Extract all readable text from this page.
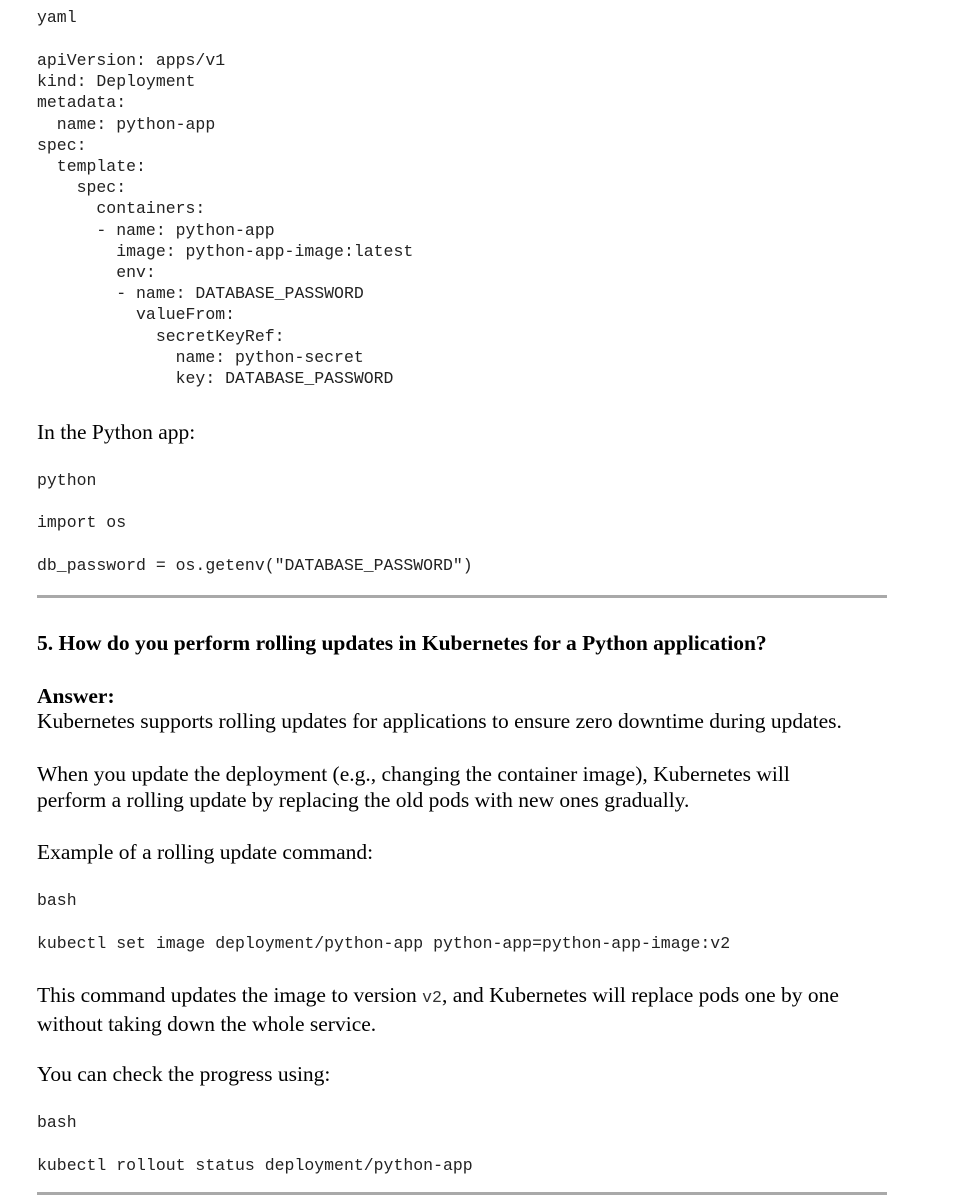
yaml

apiVersion: apps/v1

kind: Deployment

metadata:

name: python-app

spec:

template:

spec:

containers:

- name: python-app

image: python-app-image:latest

env:

- name: DATABASE_PASSWORD

valueFrom:

secretKeyRef:

name: python-secret

key: DATABASE_PASSWORD

In the Python app:

python

import os

db_password = os.getenv("DATABASE_PASSWORD")

5. How do you perform rolling updates in Kubernetes for a Python application?

Answer:

Kubernetes supports rolling updates for applications to ensure zero downtime during updates.

When you update the deployment (e.g., changing the container image), Kubernetes will perform a rolling update by replacing the old pods with new ones gradually.

Example of a rolling update command:

bash

kubectl set image deployment/python-app python-app=python-app-image:v2

This command updates the image to version v2, and Kubernetes will replace pods one by one without taking down the whole service.

You can check the progress using:

bash

kubectl rollout status deployment/python-app
